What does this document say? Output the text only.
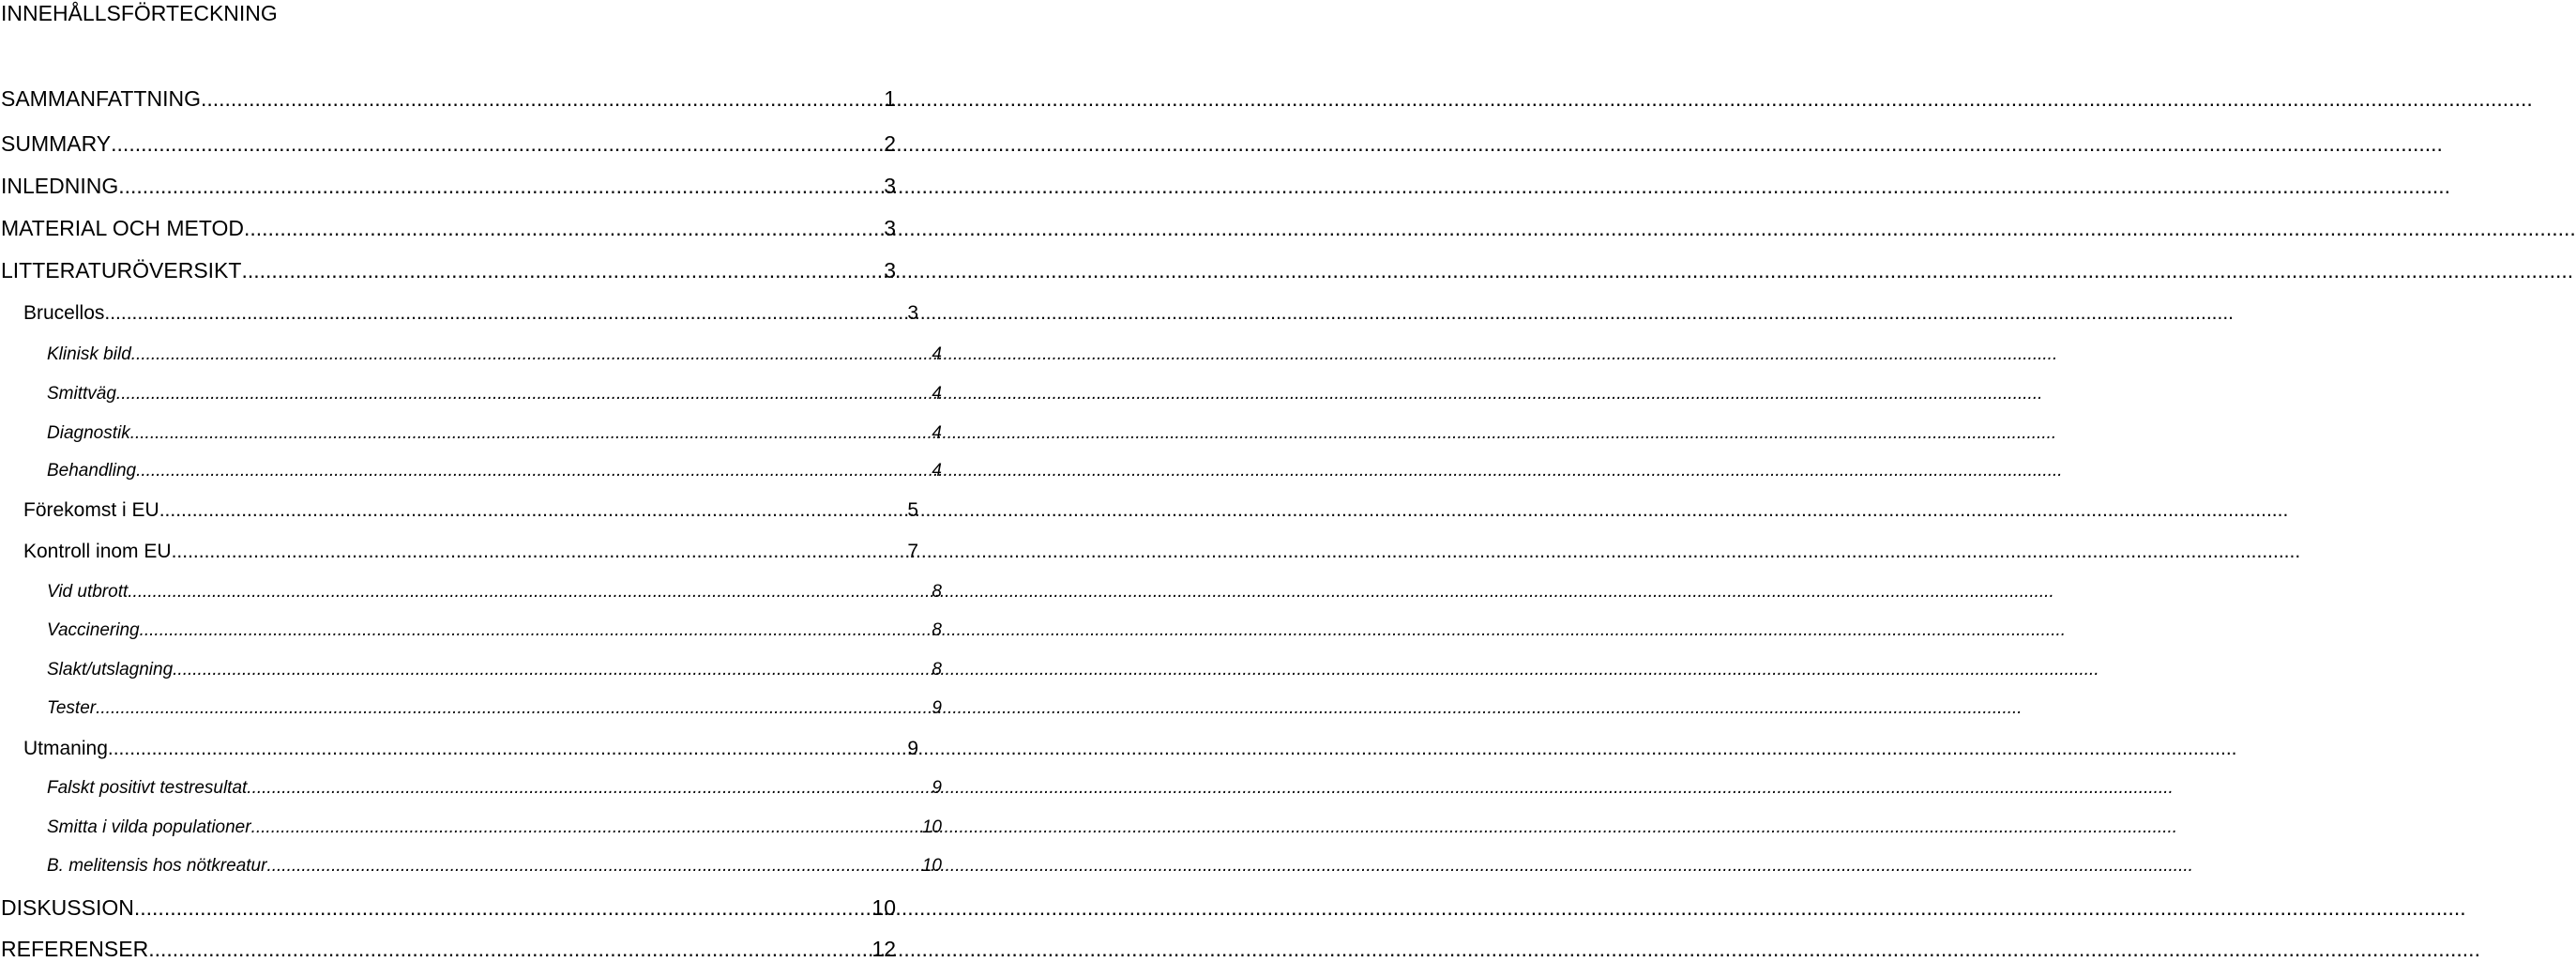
INNEHÅLLSFÖRTECKNING
SAMMANFATTNING .....	1
SUMMARY .....	2
INLEDNING .....	3
MATERIAL OCH METOD .....	3
LITTERATURÖVERSIKT .....	3
Brucellos .....	3
Klinisk bild .....	4
Smittväg .....	4
Diagnostik .....	4
Behandling .....	4
Förekomst i EU .....	5
Kontroll inom EU .....	7
Vid utbrott .....	8
Vaccinering .....	8
Slakt/utslagning .....	8
Tester .....	9
Utmaning .....	9
Falskt positivt testresultat .....	9
Smitta i vilda populationer .....	10
B. melitensis hos nötkreatur .....	10
DISKUSSION .....	10
REFERENSER .....	12
